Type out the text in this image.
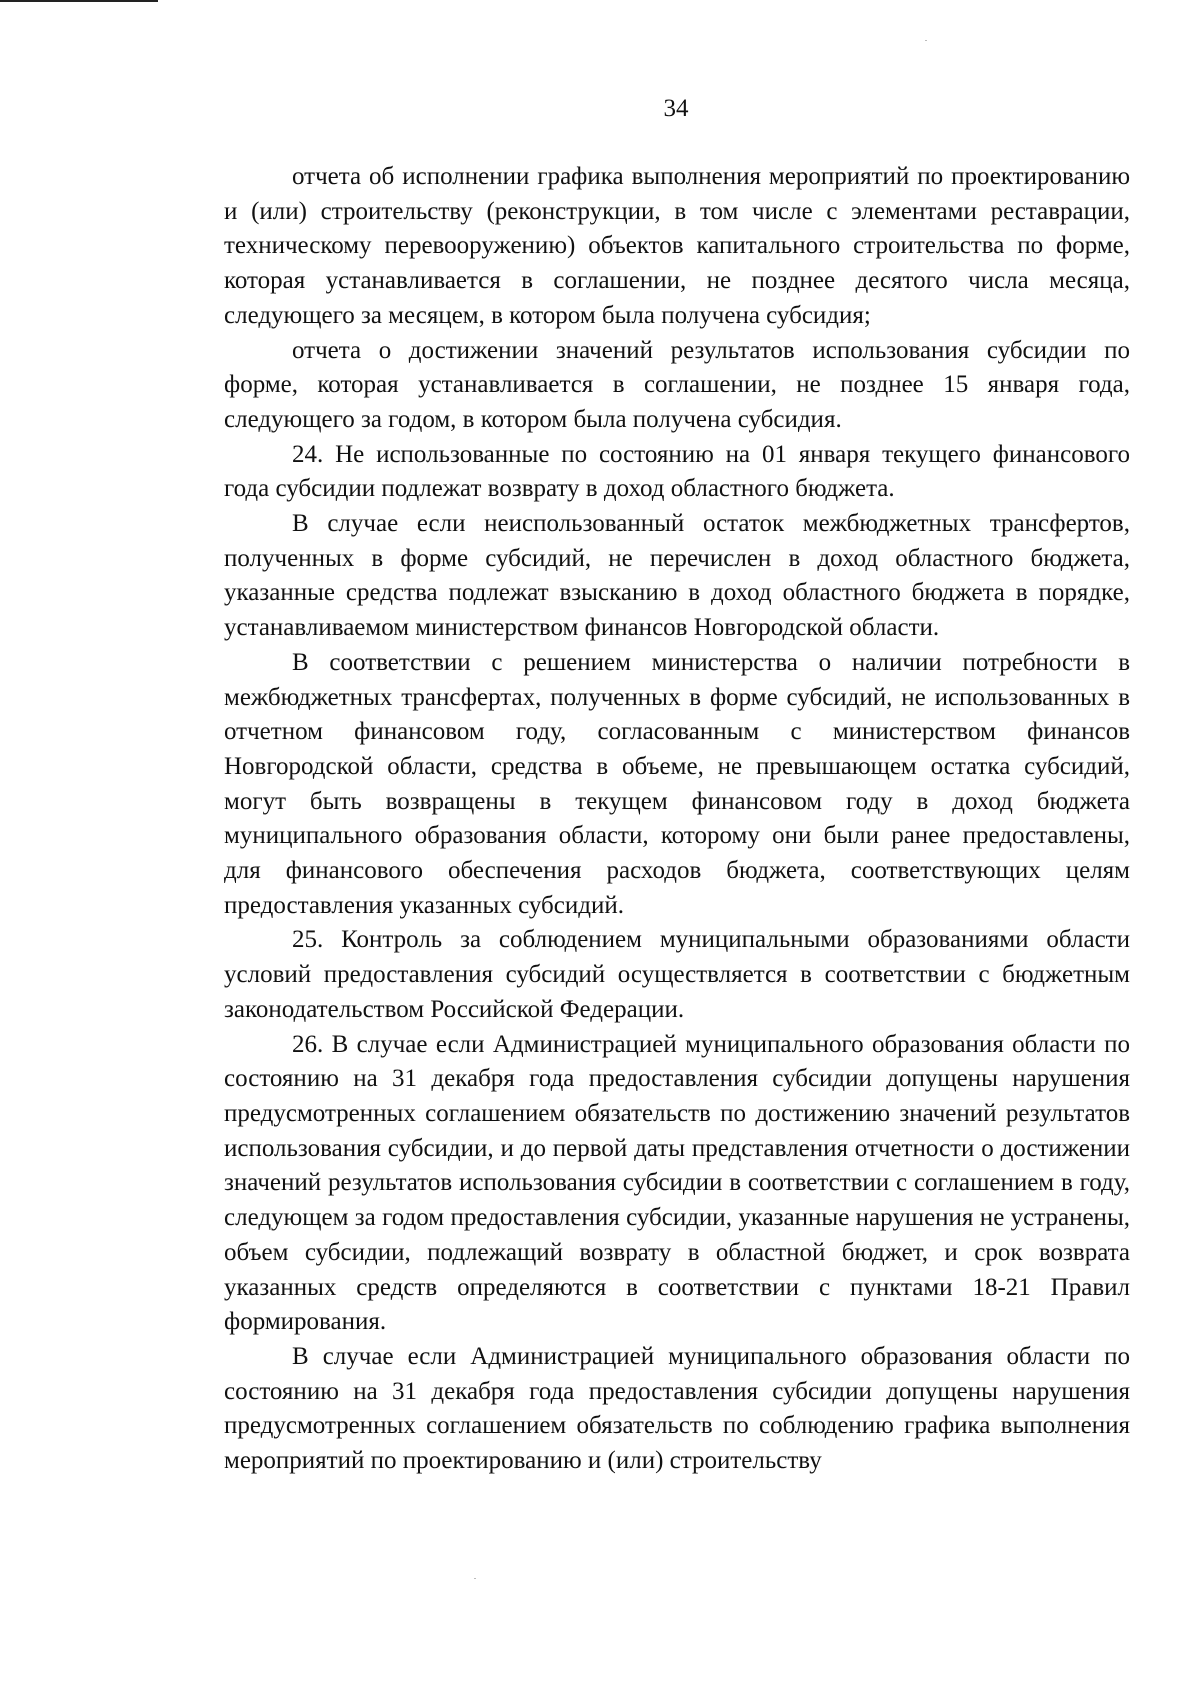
34

отчета об исполнении графика выполнения мероприятий по проектированию и (или) строительству (реконструкции, в том числе с элементами реставрации, техническому перевооружению) объектов капитального строительства по форме, которая устанавливается в соглашении, не позднее десятого числа месяца, следующего за месяцем, в котором была получена субсидия;

отчета о достижении значений результатов использования субсидии по форме, которая устанавливается в соглашении, не позднее 15 января года, следующего за годом, в котором была получена субсидия.

24. Не использованные по состоянию на 01 января текущего финансового года субсидии подлежат возврату в доход областного бюджета.

В случае если неиспользованный остаток межбюджетных трансфертов, полученных в форме субсидий, не перечислен в доход областного бюджета, указанные средства подлежат взысканию в доход областного бюджета в порядке, устанавливаемом министерством финансов Новгородской области.

В соответствии с решением министерства о наличии потребности в межбюджетных трансфертах, полученных в форме субсидий, не использованных в отчетном финансовом году, согласованным с министерством финансов Новгородской области, средства в объеме, не превышающем остатка субсидий, могут быть возвращены в текущем финансовом году в доход бюджета муниципального образования области, которому они были ранее предоставлены, для финансового обеспечения расходов бюджета, соответствующих целям предоставления указанных субсидий.

25. Контроль за соблюдением муниципальными образованиями области условий предоставления субсидий осуществляется в соответствии с бюджетным законодательством Российской Федерации.

26. В случае если Администрацией муниципального образования области по состоянию на 31 декабря года предоставления субсидии допущены нарушения предусмотренных соглашением обязательств по достижению значений результатов использования субсидии, и до первой даты представления отчетности о достижении значений результатов использования субсидии в соответствии с соглашением в году, следующем за годом предоставления субсидии, указанные нарушения не устранены, объем субсидии, подлежащий возврату в областной бюджет, и срок возврата указанных средств определяются в соответствии с пунктами 18-21 Правил формирования.

В случае если Администрацией муниципального образования области по состоянию на 31 декабря года предоставления субсидии допущены нарушения предусмотренных соглашением обязательств по соблюдению графика выполнения мероприятий по проектированию и (или) строительству
